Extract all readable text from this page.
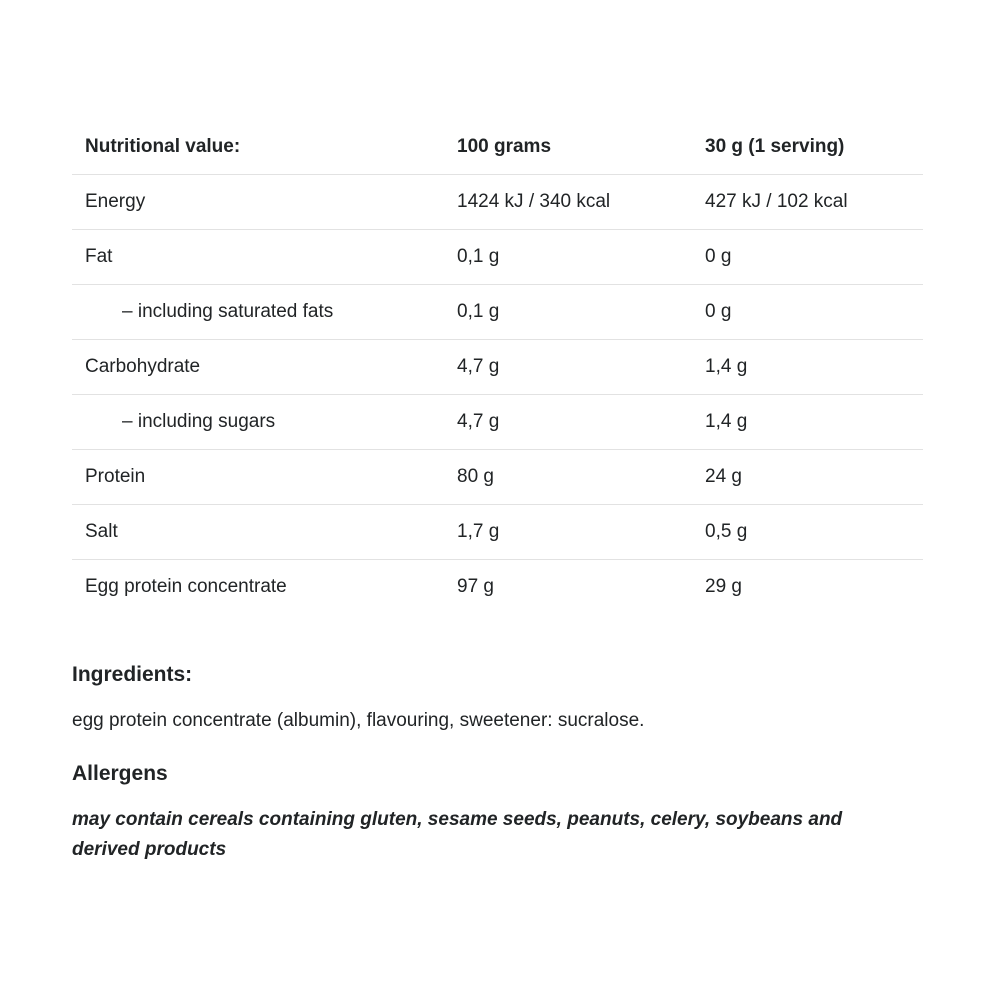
Nutritional value:	100 grams	30 g (1 serving)
Energy	1424 kJ / 340 kcal	427 kJ / 102 kcal
Fat	0,1 g	0 g
– including saturated fats	0,1 g	0 g
Carbohydrate	4,7 g	1,4 g
– including sugars	4,7 g	1,4 g
Protein	80 g	24 g
Salt	1,7 g	0,5 g
Egg protein concentrate	97 g	29 g
Ingredients:

egg protein concentrate (albumin), flavouring, sweetener: sucralose.

Allergens

may contain cereals containing gluten, sesame seeds, peanuts, celery, soybeans and derived products
